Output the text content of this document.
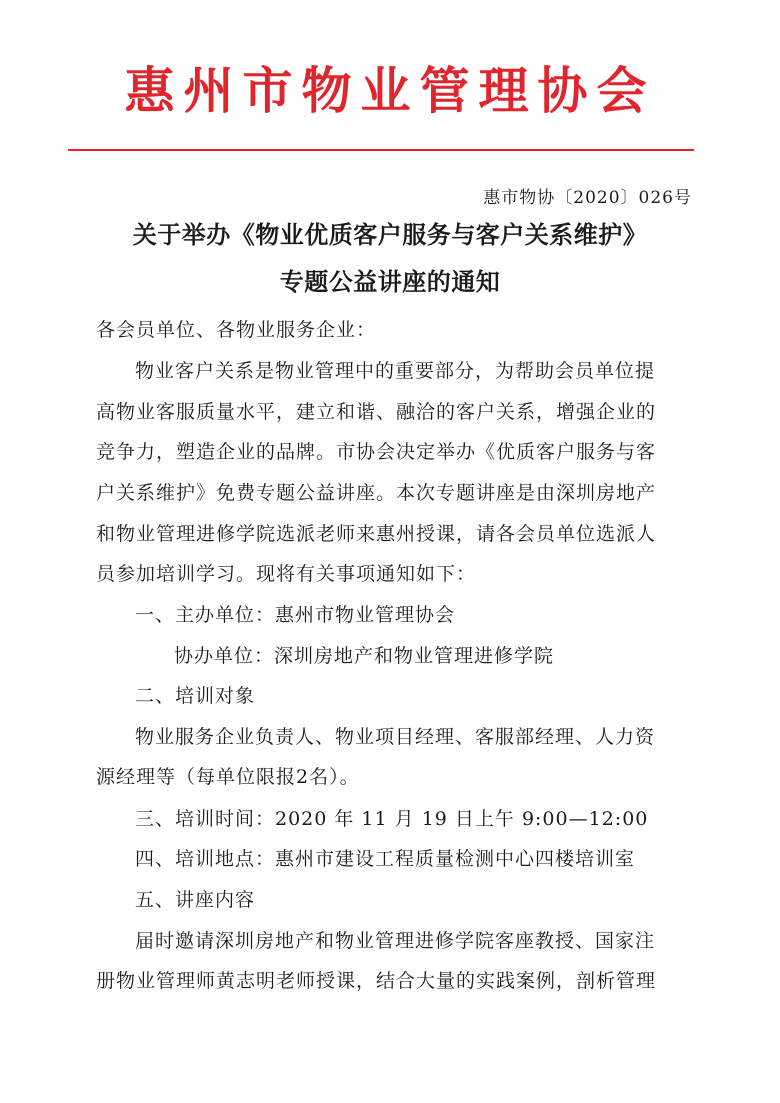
惠州市物业管理协会
惠市物协〔2020〕026号
关于举办《物业优质客户服务与客户关系维护》
专题公益讲座的通知
各会员单位、各物业服务企业：
物业客户关系是物业管理中的重要部分，为帮助会员单位提
高物业客服质量水平，建立和谐、融洽的客户关系，增强企业的
竞争力，塑造企业的品牌。市协会决定举办《优质客户服务与客
户关系维护》免费专题公益讲座。本次专题讲座是由深圳房地产
和物业管理进修学院选派老师来惠州授课，请各会员单位选派人
员参加培训学习。现将有关事项通知如下：
一、主办单位：惠州市物业管理协会
协办单位：深圳房地产和物业管理进修学院
二、培训对象
物业服务企业负责人、物业项目经理、客服部经理、人力资
源经理等（每单位限报2名）。
三、培训时间：2020 年 11 月 19 日上午 9:00—12:00
四、培训地点：惠州市建设工程质量检测中心四楼培训室
五、讲座内容
届时邀请深圳房地产和物业管理进修学院客座教授、国家注
册物业管理师黄志明老师授课，结合大量的实践案例，剖析管理
